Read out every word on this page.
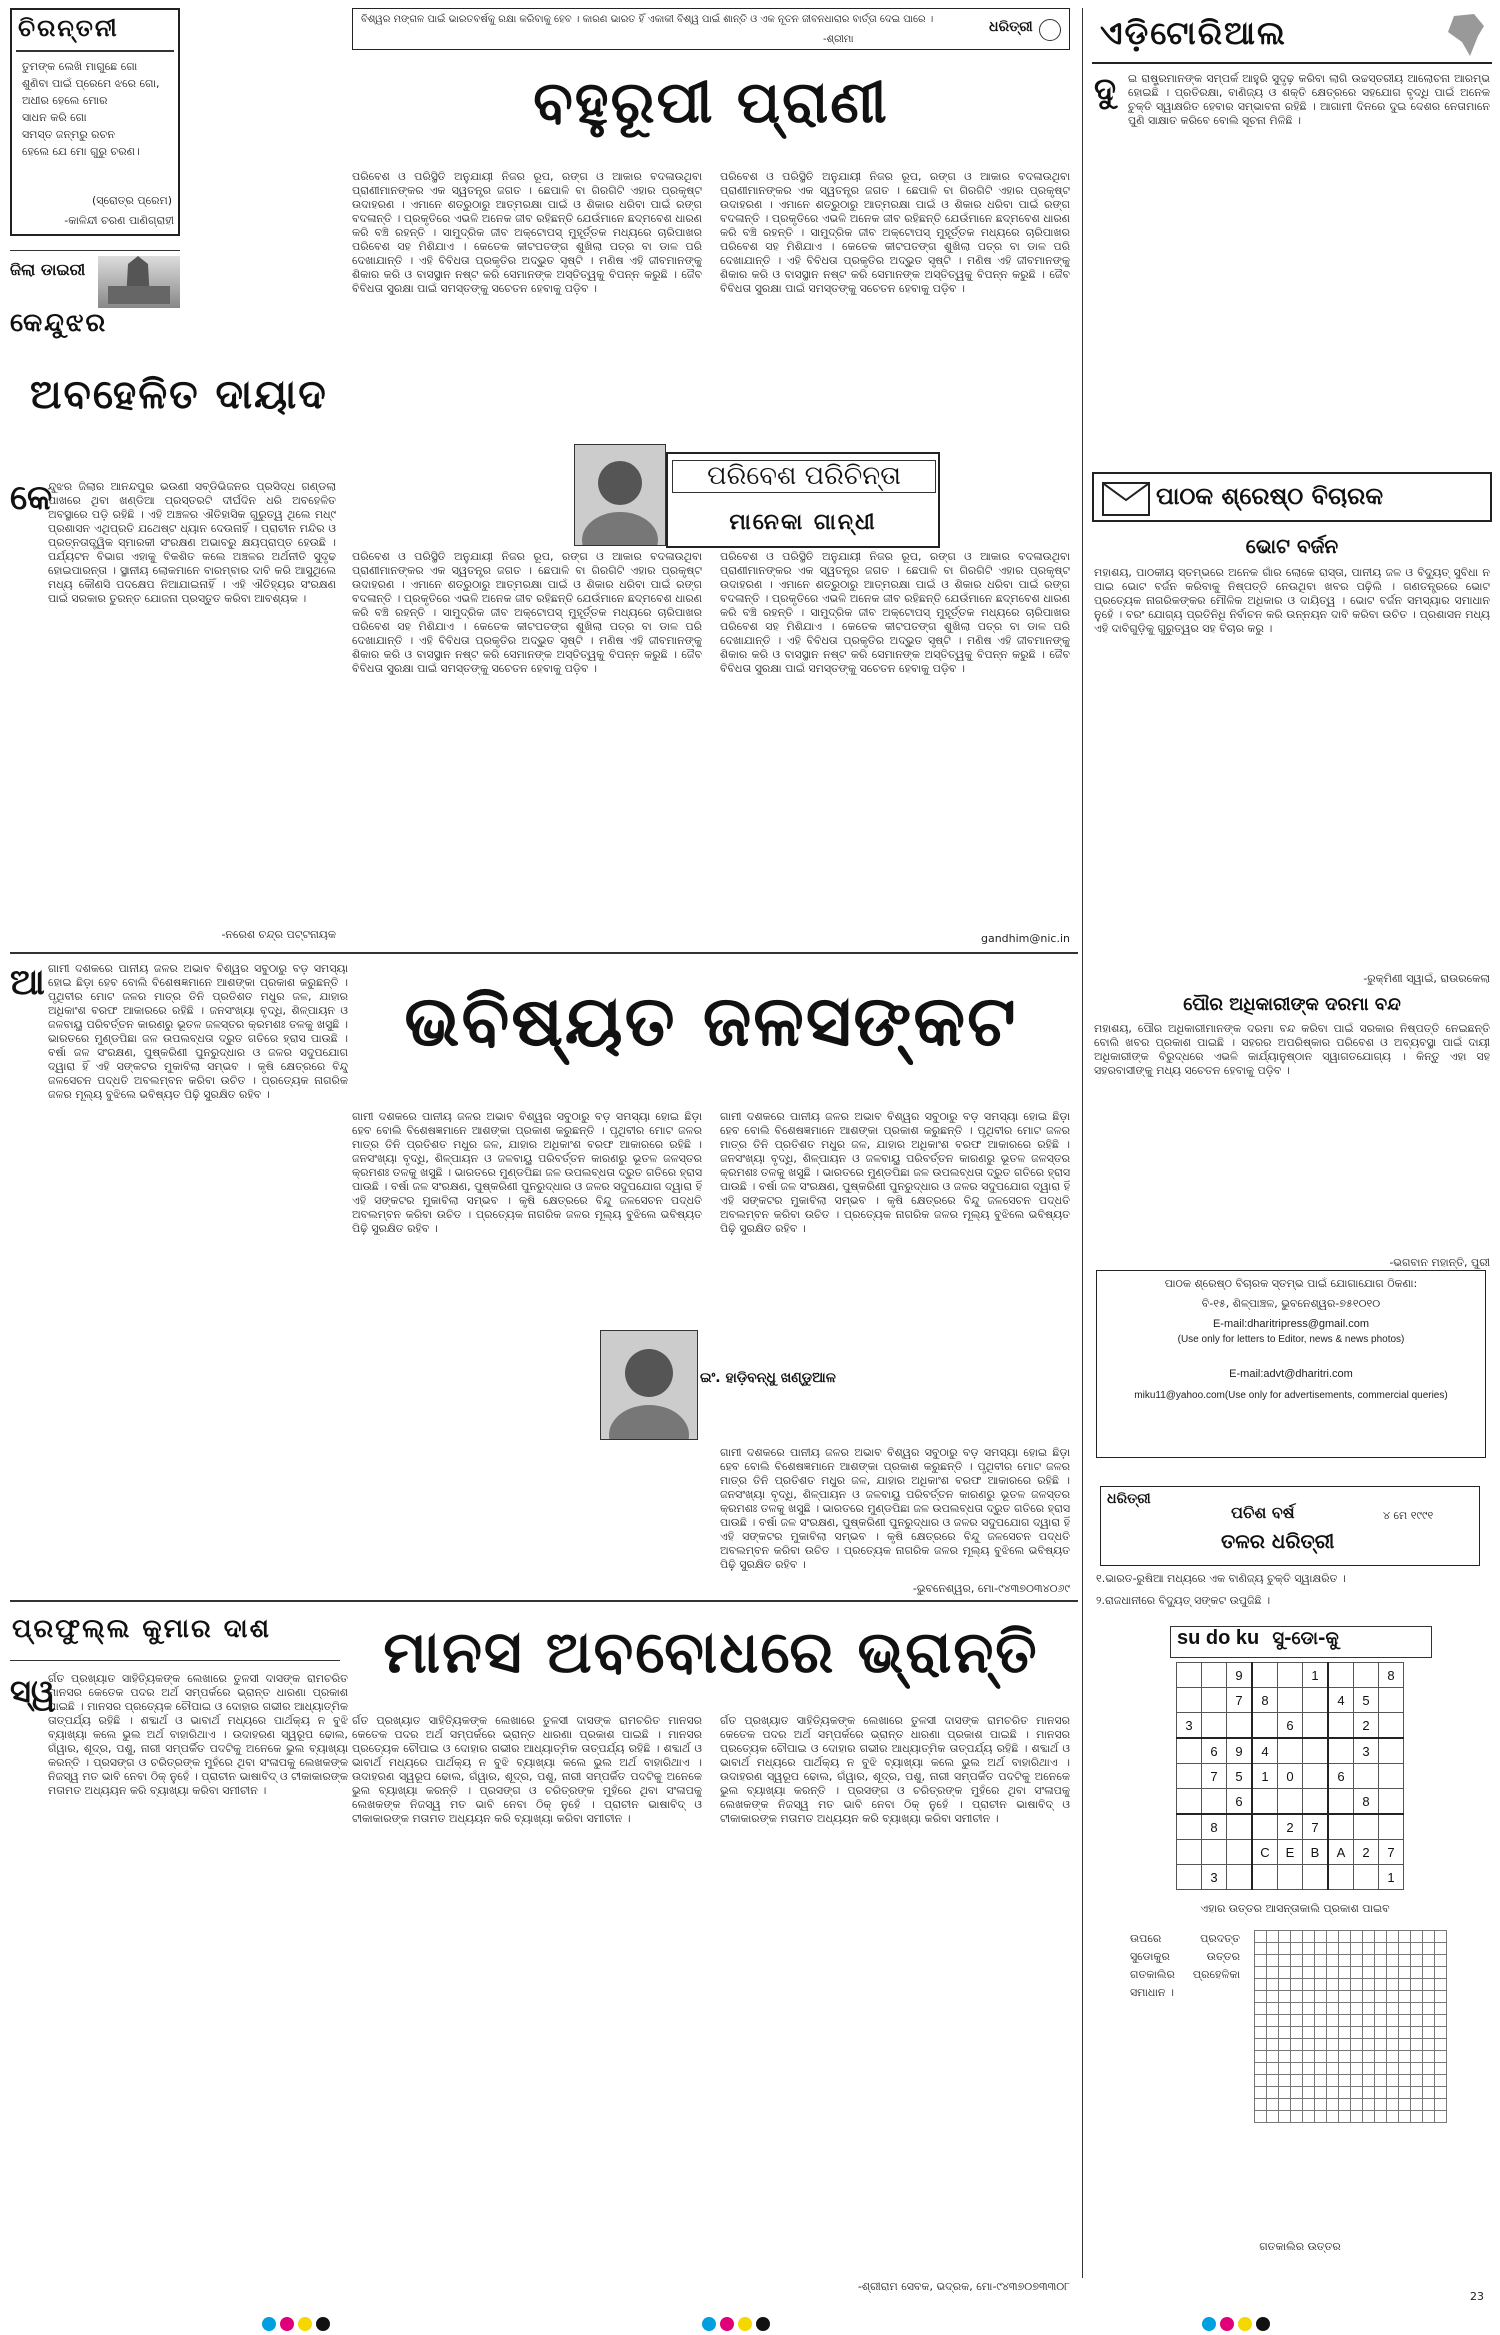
ଚିରନ୍ତନୀ
ତୁମଙ୍କ ଲେଖି ମାଗୁଛେ ଗୋ
ଶୁଣିବା ପାଇଁ ପ୍ରେମେ ଝରେ ଗୋ,
ଅଧୀର ହେଲେ ମୋର
ସାଧନ କରି ଗୋ
ସମସ୍ତ ଜନ୍ମରୁ ରଚନ
ହେଲେ ଯେ ମୋ ଗୁରୁ ଚରଣ।
(ସ୍ରୋତ୍ର ପ୍ରେମ)
-କାଳିନ୍ଦୀ ଚରଣ ପାଣିଗ୍ରାହୀ
ଜିଲା ଡାଇରୀ
କେନ୍ଦୁଝର
ଅବହେଳିତ ଦାୟାଦ
କେ
ନ୍ଦୁଝର ଜିଲାର ଆନନ୍ଦପୁର ଭଉଣୀ ସବ୍‌ଡିଭିଜନର ପ୍ରସିଦ୍ଧ ଗଣ୍ଡଲା ପାଖରେ ଥିବା ଖଣ୍ଡିଆ ପ୍ରସ୍ତରଟି ଦୀର୍ଘଦିନ ଧରି ଅବହେଳିତ ଅବସ୍ଥାରେ ପଡ଼ି ରହିଛି । ଏହି ଅଞ୍ଚଳର ଐତିହାସିକ ଗୁରୁତ୍ୱ ଥିଲେ ମଧ୍୯ ପ୍ରଶାସନ ଏଥିପ୍ରତି ଯଥେଷ୍ଟ ଧ୍ୟାନ ଦେଉନାହିଁ । ପ୍ରାଚୀନ ମନ୍ଦିର ଓ ପ୍ରତ୍ନତାତ୍ତ୍ୱିକ ସ୍ମାରକୀ ସଂରକ୍ଷଣ ଅଭାବରୁ କ୍ଷୟପ୍ରାପ୍ତ ହେଉଛି । ପର୍ଯ୍ୟଟନ ବିଭାଗ ଏହାକୁ ବିକଶିତ କଲେ ଅଞ୍ଚଳର ଅର୍ଥନୀତି ସୁଦୃଢ ହୋଇପାରନ୍ତା । ସ୍ଥାନୀୟ ଲୋକମାନେ ବାରମ୍ବାର ଦାବି କରି ଆସୁଥିଲେ ମଧ୍ୟ କୌଣସି ପଦକ୍ଷେପ ନିଆଯାଇନାହିଁ । ଏହି ଐତିହ୍ୟର ସଂରକ୍ଷଣ ପାଇଁ ସରକାର ତୁରନ୍ତ ଯୋଜନା ପ୍ରସ୍ତୁତ କରିବା ଆବଶ୍ୟକ ।
-ନରେଶ ଚନ୍ଦ୍ର ପଟ୍ଟନାୟକ
ବିଶ୍ୱର ମଙ୍ଗଳ ପାଇଁ ଭାରତବର୍ଷକୁ ରକ୍ଷା କରିବାକୁ ହେବ । କାରଣ ଭାରତ ହିଁ ଏକାକୀ ବିଶ୍ୱ ପାଇଁ ଶାନ୍ତି ଓ ଏକ ନୂତନ ଜୀବନଧାରାର ବାର୍ତ୍ତା ଦେଇ ପାରେ ।
-ଶ୍ରୀମା
ଧରିତ୍ରୀ
ବହୁରୂପୀ ପ୍ରାଣୀ
ପରିବେଶ ଓ ପରିସ୍ଥିତି ଅନୁଯାୟୀ ନିଜର ରୂପ, ରଙ୍ଗ ଓ ଆକାର ବଦଳାଉଥିବା ପ୍ରାଣୀମାନଙ୍କର ଏକ ସ୍ୱତନ୍ତ୍ର ଜଗତ । ଛେପାଳି ବା ଗିରଗିଟି ଏହାର ପ୍ରକୃଷ୍ଟ ଉଦାହରଣ । ଏମାନେ ଶତ୍ରୁଠାରୁ ଆତ୍ମରକ୍ଷା ପାଇଁ ଓ ଶିକାର ଧରିବା ପାଇଁ ରଙ୍ଗ ବଦଳାନ୍ତି । ପ୍ରକୃତିରେ ଏଭଳି ଅନେକ ଜୀବ ରହିଛନ୍ତି ଯେଉଁମାନେ ଛଦ୍ମବେଶ ଧାରଣ କରି ବଞ୍ଚି ରହନ୍ତି । ସାମୁଦ୍ରିକ ଜୀବ ଅକ୍ଟୋପସ୍ ମୁହୂର୍ତ୍ତକ ମଧ୍ୟରେ ଚାରିପାଖର ପରିବେଶ ସହ ମିଶିଯାଏ । କେତେକ କୀଟପତଙ୍ଗ ଶୁଖିଲା ପତ୍ର ବା ଡାଳ ପରି ଦେଖାଯାନ୍ତି । ଏହି ବିବିଧତା ପ୍ରକୃତିର ଅଦ୍ଭୁତ ସୃଷ୍ଟି । ମଣିଷ ଏହି ଜୀବମାନଙ୍କୁ ଶିକାର କରି ଓ ବାସସ୍ଥାନ ନଷ୍ଟ କରି ସେମାନଙ୍କ ଅସ୍ତିତ୍ୱକୁ ବିପନ୍ନ କରୁଛି । ଜୈବ ବିବିଧତା ସୁରକ୍ଷା ପାଇଁ ସମସ୍ତଙ୍କୁ ସଚେତନ ହେବାକୁ ପଡ଼ିବ ।
ପରିବେଶ ଓ ପରିସ୍ଥିତି ଅନୁଯାୟୀ ନିଜର ରୂପ, ରଙ୍ଗ ଓ ଆକାର ବଦଳାଉଥିବା ପ୍ରାଣୀମାନଙ୍କର ଏକ ସ୍ୱତନ୍ତ୍ର ଜଗତ । ଛେପାଳି ବା ଗିରଗିଟି ଏହାର ପ୍ରକୃଷ୍ଟ ଉଦାହରଣ । ଏମାନେ ଶତ୍ରୁଠାରୁ ଆତ୍ମରକ୍ଷା ପାଇଁ ଓ ଶିକାର ଧରିବା ପାଇଁ ରଙ୍ଗ ବଦଳାନ୍ତି । ପ୍ରକୃତିରେ ଏଭଳି ଅନେକ ଜୀବ ରହିଛନ୍ତି ଯେଉଁମାନେ ଛଦ୍ମବେଶ ଧାରଣ କରି ବଞ୍ଚି ରହନ୍ତି । ସାମୁଦ୍ରିକ ଜୀବ ଅକ୍ଟୋପସ୍ ମୁହୂର୍ତ୍ତକ ମଧ୍ୟରେ ଚାରିପାଖର ପରିବେଶ ସହ ମିଶିଯାଏ । କେତେକ କୀଟପତଙ୍ଗ ଶୁଖିଲା ପତ୍ର ବା ଡାଳ ପରି ଦେଖାଯାନ୍ତି । ଏହି ବିବିଧତା ପ୍ରକୃତିର ଅଦ୍ଭୁତ ସୃଷ୍ଟି । ମଣିଷ ଏହି ଜୀବମାନଙ୍କୁ ଶିକାର କରି ଓ ବାସସ୍ଥାନ ନଷ୍ଟ କରି ସେମାନଙ୍କ ଅସ୍ତିତ୍ୱକୁ ବିପନ୍ନ କରୁଛି । ଜୈବ ବିବିଧତା ସୁରକ୍ଷା ପାଇଁ ସମସ୍ତଙ୍କୁ ସଚେତନ ହେବାକୁ ପଡ଼ିବ ।
ପରିବେଶ ପରିଚିନ୍ତା
ମାନେକା ଗାନ୍ଧୀ
ପରିବେଶ ଓ ପରିସ୍ଥିତି ଅନୁଯାୟୀ ନିଜର ରୂପ, ରଙ୍ଗ ଓ ଆକାର ବଦଳାଉଥିବା ପ୍ରାଣୀମାନଙ୍କର ଏକ ସ୍ୱତନ୍ତ୍ର ଜଗତ । ଛେପାଳି ବା ଗିରଗିଟି ଏହାର ପ୍ରକୃଷ୍ଟ ଉଦାହରଣ । ଏମାନେ ଶତ୍ରୁଠାରୁ ଆତ୍ମରକ୍ଷା ପାଇଁ ଓ ଶିକାର ଧରିବା ପାଇଁ ରଙ୍ଗ ବଦଳାନ୍ତି । ପ୍ରକୃତିରେ ଏଭଳି ଅନେକ ଜୀବ ରହିଛନ୍ତି ଯେଉଁମାନେ ଛଦ୍ମବେଶ ଧାରଣ କରି ବଞ୍ଚି ରହନ୍ତି । ସାମୁଦ୍ରିକ ଜୀବ ଅକ୍ଟୋପସ୍ ମୁହୂର୍ତ୍ତକ ମଧ୍ୟରେ ଚାରିପାଖର ପରିବେଶ ସହ ମିଶିଯାଏ । କେତେକ କୀଟପତଙ୍ଗ ଶୁଖିଲା ପତ୍ର ବା ଡାଳ ପରି ଦେଖାଯାନ୍ତି । ଏହି ବିବିଧତା ପ୍ରକୃତିର ଅଦ୍ଭୁତ ସୃଷ୍ଟି । ମଣିଷ ଏହି ଜୀବମାନଙ୍କୁ ଶିକାର କରି ଓ ବାସସ୍ଥାନ ନଷ୍ଟ କରି ସେମାନଙ୍କ ଅସ୍ତିତ୍ୱକୁ ବିପନ୍ନ କରୁଛି । ଜୈବ ବିବିଧତା ସୁରକ୍ଷା ପାଇଁ ସମସ୍ତଙ୍କୁ ସଚେତନ ହେବାକୁ ପଡ଼ିବ ।
ପରିବେଶ ଓ ପରିସ୍ଥିତି ଅନୁଯାୟୀ ନିଜର ରୂପ, ରଙ୍ଗ ଓ ଆକାର ବଦଳାଉଥିବା ପ୍ରାଣୀମାନଙ୍କର ଏକ ସ୍ୱତନ୍ତ୍ର ଜଗତ । ଛେପାଳି ବା ଗିରଗିଟି ଏହାର ପ୍ରକୃଷ୍ଟ ଉଦାହରଣ । ଏମାନେ ଶତ୍ରୁଠାରୁ ଆତ୍ମରକ୍ଷା ପାଇଁ ଓ ଶିକାର ଧରିବା ପାଇଁ ରଙ୍ଗ ବଦଳାନ୍ତି । ପ୍ରକୃତିରେ ଏଭଳି ଅନେକ ଜୀବ ରହିଛନ୍ତି ଯେଉଁମାନେ ଛଦ୍ମବେଶ ଧାରଣ କରି ବଞ୍ଚି ରହନ୍ତି । ସାମୁଦ୍ରିକ ଜୀବ ଅକ୍ଟୋପସ୍ ମୁହୂର୍ତ୍ତକ ମଧ୍ୟରେ ଚାରିପାଖର ପରିବେଶ ସହ ମିଶିଯାଏ । କେତେକ କୀଟପତଙ୍ଗ ଶୁଖିଲା ପତ୍ର ବା ଡାଳ ପରି ଦେଖାଯାନ୍ତି । ଏହି ବିବିଧତା ପ୍ରକୃତିର ଅଦ୍ଭୁତ ସୃଷ୍ଟି । ମଣିଷ ଏହି ଜୀବମାନଙ୍କୁ ଶିକାର କରି ଓ ବାସସ୍ଥାନ ନଷ୍ଟ କରି ସେମାନଙ୍କ ଅସ୍ତିତ୍ୱକୁ ବିପନ୍ନ କରୁଛି । ଜୈବ ବିବିଧତା ସୁରକ୍ଷା ପାଇଁ ସମସ୍ତଙ୍କୁ ସଚେତନ ହେବାକୁ ପଡ଼ିବ ।
gandhim@nic.in
ଆ ଗାମୀ ଦଶକରେ ପାନୀୟ ଜଳର ଅଭାବ ବିଶ୍ୱର ସବୁଠାରୁ ବଡ଼ ସମସ୍ୟା ହୋଇ ଛିଡ଼ା ହେବ ବୋଲି ବିଶେଷଜ୍ଞମାନେ ଆଶଙ୍କା ପ୍ରକାଶ କରୁଛନ୍ତି । ପୃଥିବୀର ମୋଟ ଜଳର ମାତ୍ର ତିନି ପ୍ରତିଶତ ମଧୁର ଜଳ, ଯାହାର ଅଧିକାଂଶ ବରଫ ଆକାରରେ ରହିଛି । ଜନସଂଖ୍ୟା ବୃଦ୍ଧି, ଶିଳ୍ପାୟନ ଓ ଜଳବାୟୁ ପରିବର୍ତ୍ତନ କାରଣରୁ ଭୂତଳ ଜଳସ୍ତର କ୍ରମଶଃ ତଳକୁ ଖସୁଛି । ଭାରତରେ ମୁଣ୍ଡପିଛା ଜଳ ଉପଲବ୍ଧତା ଦ୍ରୁତ ଗତିରେ ହ୍ରାସ ପାଉଛି । ବର୍ଷା ଜଳ ସଂରକ୍ଷଣ, ପୁଷ୍କରିଣୀ ପୁନରୁଦ୍ଧାର ଓ ଜଳର ସଦୁପଯୋଗ ଦ୍ୱାରା ହିଁ ଏହି ସଙ୍କଟର ମୁକାବିଲା ସମ୍ଭବ । କୃଷି କ୍ଷେତ୍ରରେ ବିନ୍ଦୁ ଜଳସେଚନ ପଦ୍ଧତି ଅବଲମ୍ବନ କରିବା ଉଚିତ । ପ୍ରତ୍ୟେକ ନାଗରିକ ଜଳର ମୂଲ୍ୟ ବୁଝିଲେ ଭବିଷ୍ୟତ ପିଢ଼ି ସୁରକ୍ଷିତ ରହିବ ।
ଭବିଷ୍ୟତ ଜଳସଙ୍କଟ
ଗାମୀ ଦଶକରେ ପାନୀୟ ଜଳର ଅଭାବ ବିଶ୍ୱର ସବୁଠାରୁ ବଡ଼ ସମସ୍ୟା ହୋଇ ଛିଡ଼ା ହେବ ବୋଲି ବିଶେଷଜ୍ଞମାନେ ଆଶଙ୍କା ପ୍ରକାଶ କରୁଛନ୍ତି । ପୃଥିବୀର ମୋଟ ଜଳର ମାତ୍ର ତିନି ପ୍ରତିଶତ ମଧୁର ଜଳ, ଯାହାର ଅଧିକାଂଶ ବରଫ ଆକାରରେ ରହିଛି । ଜନସଂଖ୍ୟା ବୃଦ୍ଧି, ଶିଳ୍ପାୟନ ଓ ଜଳବାୟୁ ପରିବର୍ତ୍ତନ କାରଣରୁ ଭୂତଳ ଜଳସ୍ତର କ୍ରମଶଃ ତଳକୁ ଖସୁଛି । ଭାରତରେ ମୁଣ୍ଡପିଛା ଜଳ ଉପଲବ୍ଧତା ଦ୍ରୁତ ଗତିରେ ହ୍ରାସ ପାଉଛି । ବର୍ଷା ଜଳ ସଂରକ୍ଷଣ, ପୁଷ୍କରିଣୀ ପୁନରୁଦ୍ଧାର ଓ ଜଳର ସଦୁପଯୋଗ ଦ୍ୱାରା ହିଁ ଏହି ସଙ୍କଟର ମୁକାବିଲା ସମ୍ଭବ । କୃଷି କ୍ଷେତ୍ରରେ ବିନ୍ଦୁ ଜଳସେଚନ ପଦ୍ଧତି ଅବଲମ୍ବନ କରିବା ଉଚିତ । ପ୍ରତ୍ୟେକ ନାଗରିକ ଜଳର ମୂଲ୍ୟ ବୁଝିଲେ ଭବିଷ୍ୟତ ପିଢ଼ି ସୁରକ୍ଷିତ ରହିବ ।
ଗାମୀ ଦଶକରେ ପାନୀୟ ଜଳର ଅଭାବ ବିଶ୍ୱର ସବୁଠାରୁ ବଡ଼ ସମସ୍ୟା ହୋଇ ଛିଡ଼ା ହେବ ବୋଲି ବିଶେଷଜ୍ଞମାନେ ଆଶଙ୍କା ପ୍ରକାଶ କରୁଛନ୍ତି । ପୃଥିବୀର ମୋଟ ଜଳର ମାତ୍ର ତିନି ପ୍ରତିଶତ ମଧୁର ଜଳ, ଯାହାର ଅଧିକାଂଶ ବରଫ ଆକାରରେ ରହିଛି । ଜନସଂଖ୍ୟା ବୃଦ୍ଧି, ଶିଳ୍ପାୟନ ଓ ଜଳବାୟୁ ପରିବର୍ତ୍ତନ କାରଣରୁ ଭୂତଳ ଜଳସ୍ତର କ୍ରମଶଃ ତଳକୁ ଖସୁଛି । ଭାରତରେ ମୁଣ୍ଡପିଛା ଜଳ ଉପଲବ୍ଧତା ଦ୍ରୁତ ଗତିରେ ହ୍ରାସ ପାଉଛି । ବର୍ଷା ଜଳ ସଂରକ୍ଷଣ, ପୁଷ୍କରିଣୀ ପୁନରୁଦ୍ଧାର ଓ ଜଳର ସଦୁପଯୋଗ ଦ୍ୱାରା ହିଁ ଏହି ସଙ୍କଟର ମୁକାବିଲା ସମ୍ଭବ । କୃଷି କ୍ଷେତ୍ରରେ ବିନ୍ଦୁ ଜଳସେଚନ ପଦ୍ଧତି ଅବଲମ୍ବନ କରିବା ଉଚିତ । ପ୍ରତ୍ୟେକ ନାଗରିକ ଜଳର ମୂଲ୍ୟ ବୁଝିଲେ ଭବିଷ୍ୟତ ପିଢ଼ି ସୁରକ୍ଷିତ ରହିବ ।
ଇଂ. ହାଡ଼ିବନ୍ଧୁ ଖଣ୍ଡୁଆଳ
ଗାମୀ ଦଶକରେ ପାନୀୟ ଜଳର ଅଭାବ ବିଶ୍ୱର ସବୁଠାରୁ ବଡ଼ ସମସ୍ୟା ହୋଇ ଛିଡ଼ା ହେବ ବୋଲି ବିଶେଷଜ୍ଞମାନେ ଆଶଙ୍କା ପ୍ରକାଶ କରୁଛନ୍ତି । ପୃଥିବୀର ମୋଟ ଜଳର ମାତ୍ର ତିନି ପ୍ରତିଶତ ମଧୁର ଜଳ, ଯାହାର ଅଧିକାଂଶ ବରଫ ଆକାରରେ ରହିଛି । ଜନସଂଖ୍ୟା ବୃଦ୍ଧି, ଶିଳ୍ପାୟନ ଓ ଜଳବାୟୁ ପରିବର୍ତ୍ତନ କାରଣରୁ ଭୂତଳ ଜଳସ୍ତର କ୍ରମଶଃ ତଳକୁ ଖସୁଛି । ଭାରତରେ ମୁଣ୍ଡପିଛା ଜଳ ଉପଲବ୍ଧତା ଦ୍ରୁତ ଗତିରେ ହ୍ରାସ ପାଉଛି । ବର୍ଷା ଜଳ ସଂରକ୍ଷଣ, ପୁଷ୍କରିଣୀ ପୁନରୁଦ୍ଧାର ଓ ଜଳର ସଦୁପଯୋଗ ଦ୍ୱାରା ହିଁ ଏହି ସଙ୍କଟର ମୁକାବିଲା ସମ୍ଭବ । କୃଷି କ୍ଷେତ୍ରରେ ବିନ୍ଦୁ ଜଳସେଚନ ପଦ୍ଧତି ଅବଲମ୍ବନ କରିବା ଉଚିତ । ପ୍ରତ୍ୟେକ ନାଗରିକ ଜଳର ମୂଲ୍ୟ ବୁଝିଲେ ଭବିଷ୍ୟତ ପିଢ଼ି ସୁରକ୍ଷିତ ରହିବ ।
-ଭୁବନେଶ୍ୱର, ମୋ-୯୪୩୭୦୩୪୦୬୯
ପ୍ରଫୁଲ୍ଲ କୁମାର ଦାଶ	ମାନସ ଅବବୋଧରେ ଭ୍ରାନ୍ତି
ସ୍ୱ
ର୍ଗତ ପ୍ରଖ୍ୟାତ ସାହିତ୍ୟିକଙ୍କ ଲେଖାରେ ତୁଳସୀ ଦାସଙ୍କ ରାମଚରିତ ମାନସର କେତେକ ପଦର ଅର୍ଥ ସମ୍ପର୍କରେ ଭ୍ରାନ୍ତ ଧାରଣା ପ୍ରକାଶ ପାଇଛି । ମାନସର ପ୍ରତ୍ୟେକ ଚୌପାଇ ଓ ଦୋହାର ଗଭୀର ଆଧ୍ୟାତ୍ମିକ ତାତ୍ପର୍ଯ୍ୟ ରହିଛି । ଶବ୍ଦାର୍ଥ ଓ ଭାବାର୍ଥ ମଧ୍ୟରେ ପାର୍ଥକ୍ୟ ନ ବୁଝି ବ୍ୟାଖ୍ୟା କଲେ ଭୁଲ ଅର୍ଥ ବାହାରିଥାଏ । ଉଦାହରଣ ସ୍ୱରୂପ ଢୋଲ, ଗଁୱାର, ଶୂଦ୍ର, ପଶୁ, ନାରୀ ସମ୍ପର୍କିତ ପଦଟିକୁ ଅନେକେ ଭୁଲ ବ୍ୟାଖ୍ୟା କରନ୍ତି । ପ୍ରସଙ୍ଗ ଓ ଚରିତ୍ରଙ୍କ ମୁହଁରେ ଥିବା ସଂଳାପକୁ ଲେଖକଙ୍କ ନିଜସ୍ୱ ମତ ଭାବି ନେବା ଠିକ୍ ନୁହେଁ । ପ୍ରାଚୀନ ଭାଷାବିଦ୍ ଓ ଟୀକାକାରଙ୍କ ମତାମତ ଅଧ୍ୟୟନ କରି ବ୍ୟାଖ୍ୟା କରିବା ସମୀଚୀନ ।
ର୍ଗତ ପ୍ରଖ୍ୟାତ ସାହିତ୍ୟିକଙ୍କ ଲେଖାରେ ତୁଳସୀ ଦାସଙ୍କ ରାମଚରିତ ମାନସର କେତେକ ପଦର ଅର୍ଥ ସମ୍ପର୍କରେ ଭ୍ରାନ୍ତ ଧାରଣା ପ୍ରକାଶ ପାଇଛି । ମାନସର ପ୍ରତ୍ୟେକ ଚୌପାଇ ଓ ଦୋହାର ଗଭୀର ଆଧ୍ୟାତ୍ମିକ ତାତ୍ପର୍ଯ୍ୟ ରହିଛି । ଶବ୍ଦାର୍ଥ ଓ ଭାବାର୍ଥ ମଧ୍ୟରେ ପାର୍ଥକ୍ୟ ନ ବୁଝି ବ୍ୟାଖ୍ୟା କଲେ ଭୁଲ ଅର୍ଥ ବାହାରିଥାଏ । ଉଦାହରଣ ସ୍ୱରୂପ ଢୋଲ, ଗଁୱାର, ଶୂଦ୍ର, ପଶୁ, ନାରୀ ସମ୍ପର୍କିତ ପଦଟିକୁ ଅନେକେ ଭୁଲ ବ୍ୟାଖ୍ୟା କରନ୍ତି । ପ୍ରସଙ୍ଗ ଓ ଚରିତ୍ରଙ୍କ ମୁହଁରେ ଥିବା ସଂଳାପକୁ ଲେଖକଙ୍କ ନିଜସ୍ୱ ମତ ଭାବି ନେବା ଠିକ୍ ନୁହେଁ । ପ୍ରାଚୀନ ଭାଷାବିଦ୍ ଓ ଟୀକାକାରଙ୍କ ମତାମତ ଅଧ୍ୟୟନ କରି ବ୍ୟାଖ୍ୟା କରିବା ସମୀଚୀନ ।
ର୍ଗତ ପ୍ରଖ୍ୟାତ ସାହିତ୍ୟିକଙ୍କ ଲେଖାରେ ତୁଳସୀ ଦାସଙ୍କ ରାମଚରିତ ମାନସର କେତେକ ପଦର ଅର୍ଥ ସମ୍ପର୍କରେ ଭ୍ରାନ୍ତ ଧାରଣା ପ୍ରକାଶ ପାଇଛି । ମାନସର ପ୍ରତ୍ୟେକ ଚୌପାଇ ଓ ଦୋହାର ଗଭୀର ଆଧ୍ୟାତ୍ମିକ ତାତ୍ପର୍ଯ୍ୟ ରହିଛି । ଶବ୍ଦାର୍ଥ ଓ ଭାବାର୍ଥ ମଧ୍ୟରେ ପାର୍ଥକ୍ୟ ନ ବୁଝି ବ୍ୟାଖ୍ୟା କଲେ ଭୁଲ ଅର୍ଥ ବାହାରିଥାଏ । ଉଦାହରଣ ସ୍ୱରୂପ ଢୋଲ, ଗଁୱାର, ଶୂଦ୍ର, ପଶୁ, ନାରୀ ସମ୍ପର୍କିତ ପଦଟିକୁ ଅନେକେ ଭୁଲ ବ୍ୟାଖ୍ୟା କରନ୍ତି । ପ୍ରସଙ୍ଗ ଓ ଚରିତ୍ରଙ୍କ ମୁହଁରେ ଥିବା ସଂଳାପକୁ ଲେଖକଙ୍କ ନିଜସ୍ୱ ମତ ଭାବି ନେବା ଠିକ୍ ନୁହେଁ । ପ୍ରାଚୀନ ଭାଷାବିଦ୍ ଓ ଟୀକାକାରଙ୍କ ମତାମତ ଅଧ୍ୟୟନ କରି ବ୍ୟାଖ୍ୟା କରିବା ସମୀଚୀନ ।
-ଶ୍ରୀରାମ ସେବକ, ଭଦ୍ରକ, ମୋ-୯୪୩୭୦୭୩୩୦୮
ଏଡ଼ିଟୋରିଆଲ
ଦୁ ଇ ରାଷ୍ଟ୍ରମାନଙ୍କ ସମ୍ପର୍କ ଆହୁରି ସୁଦୃଢ଼ କରିବା ଲାଗି ଉଚ୍ଚସ୍ତରୀୟ ଆଲୋଚନା ଆରମ୍ଭ ହୋଇଛି । ପ୍ରତିରକ୍ଷା, ବାଣିଜ୍ୟ ଓ ଶକ୍ତି କ୍ଷେତ୍ରରେ ସହଯୋଗ ବୃଦ୍ଧି ପାଇଁ ଅନେକ ଚୁକ୍ତି ସ୍ୱାକ୍ଷରିତ ହେବାର ସମ୍ଭାବନା ରହିଛି । ଆଗାମୀ ଦିନରେ ଦୁଇ ଦେଶର ନେତାମାନେ ପୁଣି ସାକ୍ଷାତ କରିବେ ବୋଲି ସୂଚନା ମିଳିଛି ।
ପାଠକ ଶ୍ରେଷ୍ଠ ବିଚାରକ
ଭୋଟ ବର୍ଜନ
ମହାଶୟ, ପାଠକୀୟ ସ୍ତମ୍ଭରେ ଅନେକ ଗାଁର ଲୋକେ ରାସ୍ତା, ପାନୀୟ ଜଳ ଓ ବିଦ୍ୟୁତ୍ ସୁବିଧା ନ ପାଇ ଭୋଟ ବର୍ଜନ କରିବାକୁ ନିଷ୍ପତ୍ତି ନେଉଥିବା ଖବର ପଢ଼ିଲି । ଗଣତନ୍ତ୍ରରେ ଭୋଟ ପ୍ରତ୍ୟେକ ନାଗରିକଙ୍କର ମୌଳିକ ଅଧିକାର ଓ ଦାୟିତ୍ୱ । ଭୋଟ ବର୍ଜନ ସମସ୍ୟାର ସମାଧାନ ନୁହେଁ । ବରଂ ଯୋଗ୍ୟ ପ୍ରତିନିଧି ନିର୍ବାଚନ କରି ଉନ୍ନୟନ ଦାବି କରିବା ଉଚିତ । ପ୍ରଶାସନ ମଧ୍ୟ ଏହି ଦାବିଗୁଡ଼ିକୁ ଗୁରୁତ୍ୱର ସହ ବିଚାର କରୁ ।
-ରୁକ୍ମିଣୀ ସ୍ୱାଇଁ, ରାଉରକେଲା
ପୌର ଅଧିକାରୀଙ୍କ ଦରମା ବନ୍ଦ
ମହାଶୟ, ପୌର ଅଧିକାରୀମାନଙ୍କ ଦରମା ବନ୍ଦ କରିବା ପାଇଁ ସରକାର ନିଷ୍ପତ୍ତି ନେଇଛନ୍ତି ବୋଲି ଖବର ପ୍ରକାଶ ପାଇଛି । ସହରର ଅପରିଷ୍କାର ପରିବେଶ ଓ ଅବ୍ୟବସ୍ଥା ପାଇଁ ଦାୟୀ ଅଧିକାରୀଙ୍କ ବିରୁଦ୍ଧରେ ଏଭଳି କାର୍ଯ୍ୟାନୁଷ୍ଠାନ ସ୍ୱାଗତଯୋଗ୍ୟ । କିନ୍ତୁ ଏହା ସହ ସହରବାସୀଙ୍କୁ ମଧ୍ୟ ସଚେତନ ହେବାକୁ ପଡ଼ିବ ।
-ଭଗବାନ ମହାନ୍ତି, ପୁରୀ
ପାଠକ ଶ୍ରେଷ୍ଠ ବିଚାରକ ସ୍ତମ୍ଭ ପାଇଁ ଯୋଗାଯୋଗ ଠିକଣା:
ବି-୧୫, ଶିଳ୍ପାଞ୍ଚଳ, ଭୁବନେଶ୍ୱର-୭୫୧୦୧୦
E-mail:dharitripress@gmail.com
(Use only for letters to Editor, news & news photos)
E-mail:advt@dharitri.com
miku11@yahoo.com(Use only for advertisements, commercial queries)
ଧରିତ୍ରୀ
ପଚିଶ ବର୍ଷ
ତଳର ଧରିତ୍ରୀ
୪ ମେ ୧୯୯୧
୧.ଭାରତ-ରୁଷିଆ ମଧ୍ୟରେ ଏକ ବାଣିଜ୍ୟ ଚୁକ୍ତି ସ୍ୱାକ୍ଷରିତ ।
୨.ରାଜଧାନୀରେ ବିଦ୍ୟୁତ୍ ସଙ୍କଟ ଉପୁଜିଛି ।
su do ku ସୁ-ଡୋ-କୁ
		9			1			8
		7	8			4	5	
3				6			2	
	6	9	4				3	
	7	5	1	0		6		
		6					8	
	8			2	7			
			C	E	B	A	2	7
	3							1
ଏହାର ଉତ୍ତର ଆସନ୍ତାକାଲି ପ୍ରକାଶ ପାଇବ
ଉପରେ ପ୍ରଦତ୍ତ ସୁଡୋକୁର ଉତ୍ତର ଗତକାଲିର ପ୍ରହେଳିକା ସମାଧାନ ।

ଗତକାଲିର ଉତ୍ତର
23
